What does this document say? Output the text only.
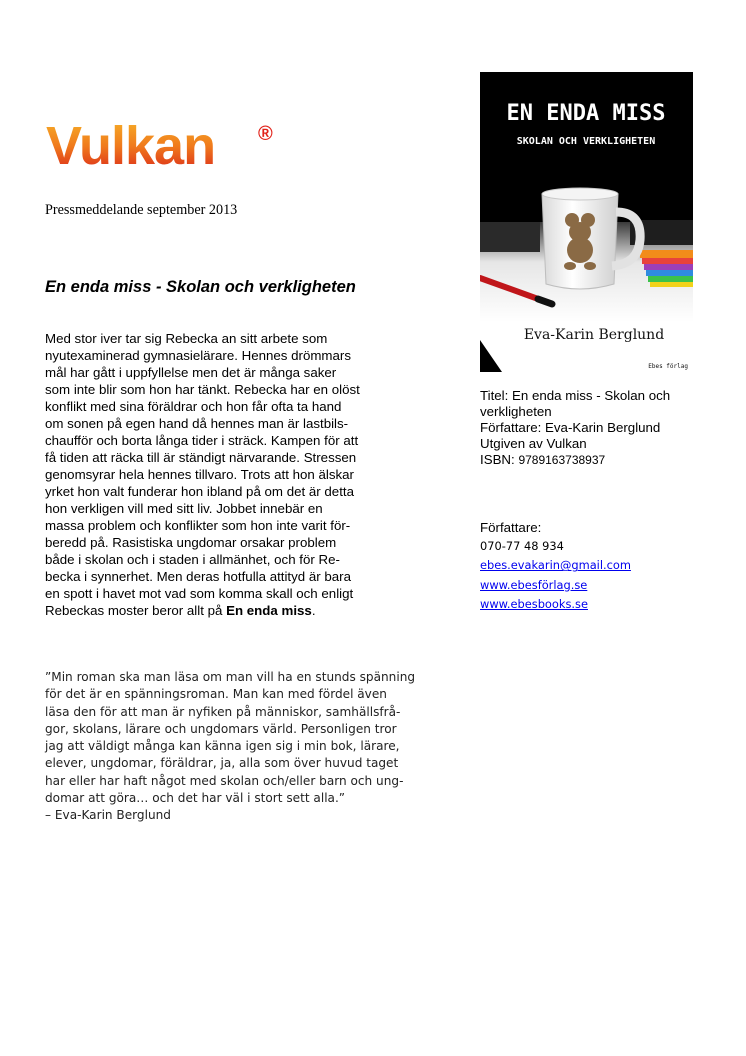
Vulkan ®
Pressmeddelande september 2013
En enda miss - Skolan och verkligheten
Med stor iver tar sig Rebecka an sitt arbete som
nyutexaminerad gymnasielärare. Hennes drömmars
mål har gått i uppfyllelse men det är många saker
som inte blir som hon har tänkt. Rebecka har en olöst
konflikt med sina föräldrar och hon får ofta ta hand
om sonen på egen hand då hennes man är lastbils-
chaufför och borta långa tider i sträck. Kampen för att
få tiden att räcka till är ständigt närvarande. Stressen
genomsyrar hela hennes tillvaro. Trots att hon älskar
yrket hon valt funderar hon ibland på om det är detta
hon verkligen vill med sitt liv. Jobbet innebär en
massa problem och konflikter som hon inte varit för-
beredd på. Rasistiska ungdomar orsakar problem
både i skolan och i staden i allmänhet, och för Re-
becka i synnerhet. Men deras hotfulla attityd är bara
en spott i havet mot vad som komma skall och enligt
Rebeckas moster beror allt på En enda miss.
”Min roman ska man läsa om man vill ha en stunds spänning
för det är en spänningsroman. Man kan med fördel även
läsa den för att man är nyfiken på människor, samhällsfrå-
gor, skolans, lärare och ungdomars värld. Personligen tror
jag att väldigt många kan känna igen sig i min bok, lärare,
elever, ungdomar, föräldrar, ja, alla som över huvud taget
har eller har haft något med skolan och/eller barn och ung-
domar att göra… och det har väl i stort sett alla.”
– Eva-Karin Berglund
EN ENDA MISS
SKOLAN OCH VERKLIGHETEN
Eva-Karin Berglund
Ebes förlag
Titel: En enda miss - Skolan och
verkligheten
Författare: Eva-Karin Berglund
Utgiven av Vulkan
ISBN: 9789163738937
Författare:
070-77 48 934
ebes.evakarin@gmail.com
www.ebesförlag.se
www.ebesbooks.se
